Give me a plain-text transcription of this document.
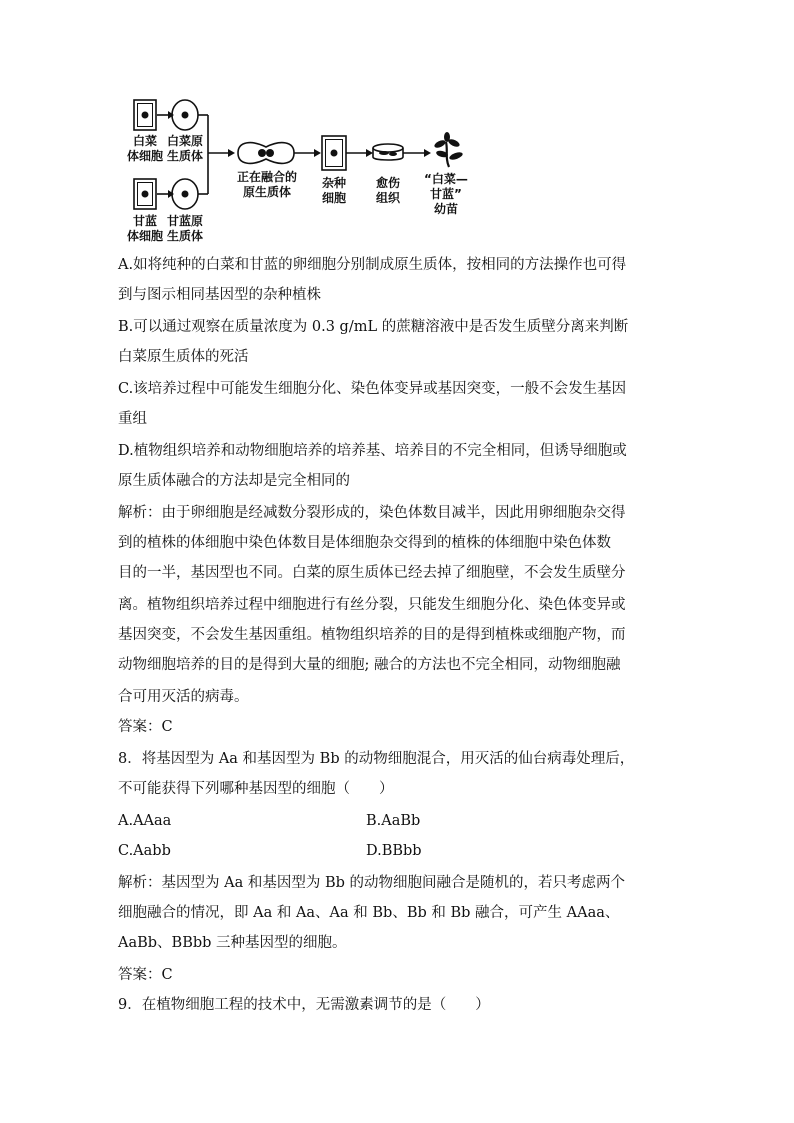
白菜
体细胞
白菜原
生质体
甘蓝
体细胞
甘蓝原
生质体
正在融合的
原生质体
杂种
细胞
愈伤
组织
“白菜—
甘蓝”
幼苗
A.如将纯种的白菜和甘蓝的卵细胞分别制成原生质体，按相同的方法操作也可得
到与图示相同基因型的杂种植株
B.可以通过观察在质量浓度为 0.3 g/mL 的蔗糖溶液中是否发生质壁分离来判断
白菜原生质体的死活
C.该培养过程中可能发生细胞分化、染色体变异或基因突变，一般不会发生基因
重组
D.植物组织培养和动物细胞培养的培养基、培养目的不完全相同，但诱导细胞或
原生质体融合的方法却是完全相同的
解析：由于卵细胞是经减数分裂形成的，染色体数目减半，因此用卵细胞杂交得
到的植株的体细胞中染色体数目是体细胞杂交得到的植株的体细胞中染色体数
目的一半，基因型也不同。白菜的原生质体已经去掉了细胞壁，不会发生质壁分
离。植物组织培养过程中细胞进行有丝分裂，只能发生细胞分化、染色体变异或
基因突变，不会发生基因重组。植物组织培养的目的是得到植株或细胞产物，而
动物细胞培养的目的是得到大量的细胞; 融合的方法也不完全相同，动物细胞融
合可用灭活的病毒。
答案：C
8．将基因型为 Aa 和基因型为 Bb 的动物细胞混合，用灭活的仙台病毒处理后，
不可能获得下列哪种基因型的细胞（　　）
A.AAaa	B.AaBb
C.Aabb	D.BBbb
解析：基因型为 Aa 和基因型为 Bb 的动物细胞间融合是随机的，若只考虑两个
细胞融合的情况，即 Aa 和 Aa、Aa 和 Bb、Bb 和 Bb 融合，可产生 AAaa、
AaBb、BBbb 三种基因型的细胞。
答案：C
9．在植物细胞工程的技术中，无需激素调节的是（　　）
